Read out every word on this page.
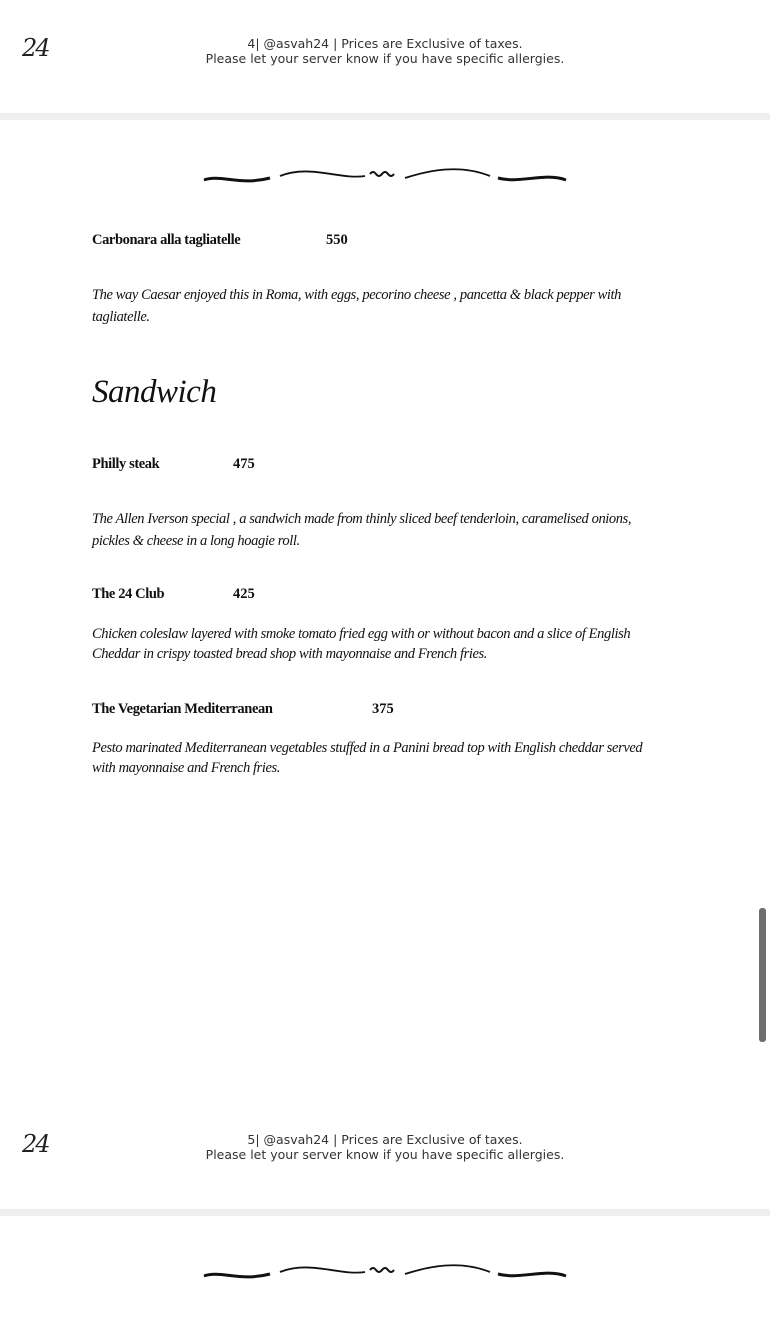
24	4| @asvah24 | Prices are Exclusive of taxes.
Please let your server know if you have specific allergies.
Carbonara alla tagliatelle	550
The way Caesar enjoyed this in Roma, with eggs, pecorino cheese , pancetta & black pepper with
tagliatelle.
Sandwich
Philly steak	475
The Allen Iverson special , a sandwich made from thinly sliced beef tenderloin, caramelised onions,
pickles & cheese in a long hoagie roll.
The 24 Club	425
Chicken coleslaw layered with smoke tomato fried egg with or without bacon and a slice of English
Cheddar in crispy toasted bread shop with mayonnaise and French fries.
The Vegetarian Mediterranean	375
Pesto marinated Mediterranean vegetables stuffed in a Panini bread top with English cheddar served
with mayonnaise and French fries.
24	5| @asvah24 | Prices are Exclusive of taxes.
Please let your server know if you have specific allergies.
